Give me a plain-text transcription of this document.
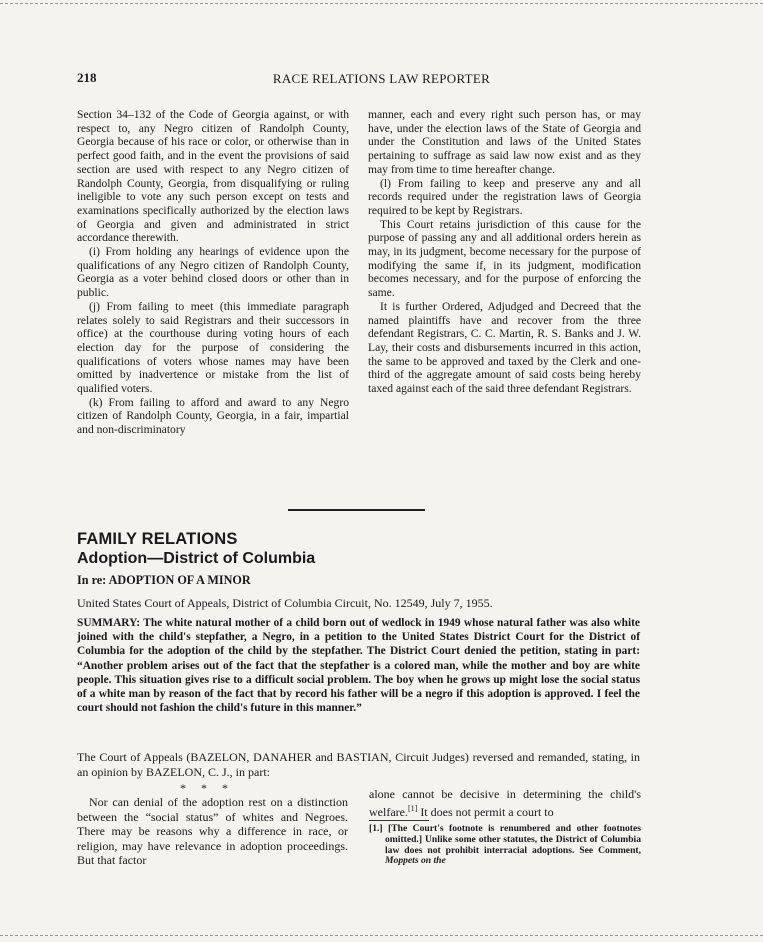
218	RACE RELATIONS LAW REPORTER

Section 34–132 of the Code of Georgia against, or with respect to, any Negro citizen of Randolph County, Georgia because of his race or color, or otherwise than in perfect good faith, and in the event the provisions of said section are used with respect to any Negro citizen of Randolph County, Georgia, from disqualifying or ruling ineligible to vote any such person except on tests and examinations specifically authorized by the election laws of Georgia and given and administrated in strict accordance therewith.

(i) From holding any hearings of evidence upon the qualifications of any Negro citizen of Randolph County, Georgia as a voter behind closed doors or other than in public.

(j) From failing to meet (this immediate paragraph relates solely to said Registrars and their successors in office) at the courthouse during voting hours of each election day for the purpose of considering the qualifications of voters whose names may have been omitted by inadvertence or mistake from the list of qualified voters.

(k) From failing to afford and award to any Negro citizen of Randolph County, Georgia, in a fair, impartial and non-discriminatory

manner, each and every right such person has, or may have, under the election laws of the State of Georgia and under the Constitution and laws of the United States pertaining to suffrage as said law now exist and as they may from time to time hereafter change.

(l) From failing to keep and preserve any and all records required under the registration laws of Georgia required to be kept by Registrars.

This Court retains jurisdiction of this cause for the purpose of passing any and all additional orders herein as may, in its judgment, become necessary for the purpose of modifying the same if, in its judgment, modification becomes necessary, and for the purpose of enforcing the same.

It is further Ordered, Adjudged and Decreed that the named plaintiffs have and recover from the three defendant Registrars, C. C. Martin, R. S. Banks and J. W. Lay, their costs and disbursements incurred in this action, the same to be approved and taxed by the Clerk and one-third of the aggregate amount of said costs being hereby taxed against each of the said three defendant Registrars.

FAMILY RELATIONS
Adoption—District of Columbia
In re: ADOPTION OF A MINOR
United States Court of Appeals, District of Columbia Circuit, No. 12549, July 7, 1955.

SUMMARY: The white natural mother of a child born out of wedlock in 1949 whose natural father was also white joined with the child's stepfather, a Negro, in a petition to the United States District Court for the District of Columbia for the adoption of the child by the stepfather. The District Court denied the petition, stating in part: “Another problem arises out of the fact that the stepfather is a colored man, while the mother and boy are white people. This situation gives rise to a difficult social problem. The boy when he grows up might lose the social status of a white man by reason of the fact that by record his father will be a negro if this adoption is approved. I feel the court should not fashion the child's future in this manner.”

The Court of Appeals (BAZELON, DANAHER and BASTIAN, Circuit Judges) reversed and remanded, stating, in an opinion by BAZELON, C. J., in part:

* * *

Nor can denial of the adoption rest on a distinction between the “social status” of whites and Negroes. There may be reasons why a difference in race, or religion, may have relevance in adoption proceedings. But that factor

alone cannot be decisive in determining the child's welfare.[1] It does not permit a court to

[1.] [The Court's footnote is renumbered and other footnotes omitted.] Unlike some other statutes, the District of Columbia law does not prohibit interracial adoptions. See Comment, Moppets on the
